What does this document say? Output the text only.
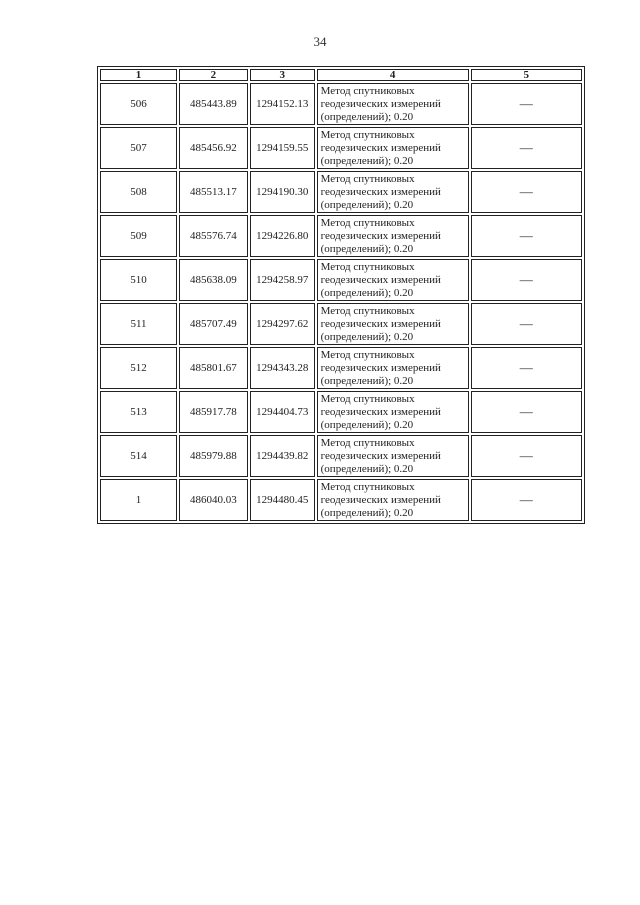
34
1	2	3	4	5
506	485443.89	1294152.13	Метод спутниковых
геодезических измерений
(определений); 0.20	—
507	485456.92	1294159.55	Метод спутниковых
геодезических измерений
(определений); 0.20	—
508	485513.17	1294190.30	Метод спутниковых
геодезических измерений
(определений); 0.20	—
509	485576.74	1294226.80	Метод спутниковых
геодезических измерений
(определений); 0.20	—
510	485638.09	1294258.97	Метод спутниковых
геодезических измерений
(определений); 0.20	—
511	485707.49	1294297.62	Метод спутниковых
геодезических измерений
(определений); 0.20	—
512	485801.67	1294343.28	Метод спутниковых
геодезических измерений
(определений); 0.20	—
513	485917.78	1294404.73	Метод спутниковых
геодезических измерений
(определений); 0.20	—
514	485979.88	1294439.82	Метод спутниковых
геодезических измерений
(определений); 0.20	—
1	486040.03	1294480.45	Метод спутниковых
геодезических измерений
(определений); 0.20	—
